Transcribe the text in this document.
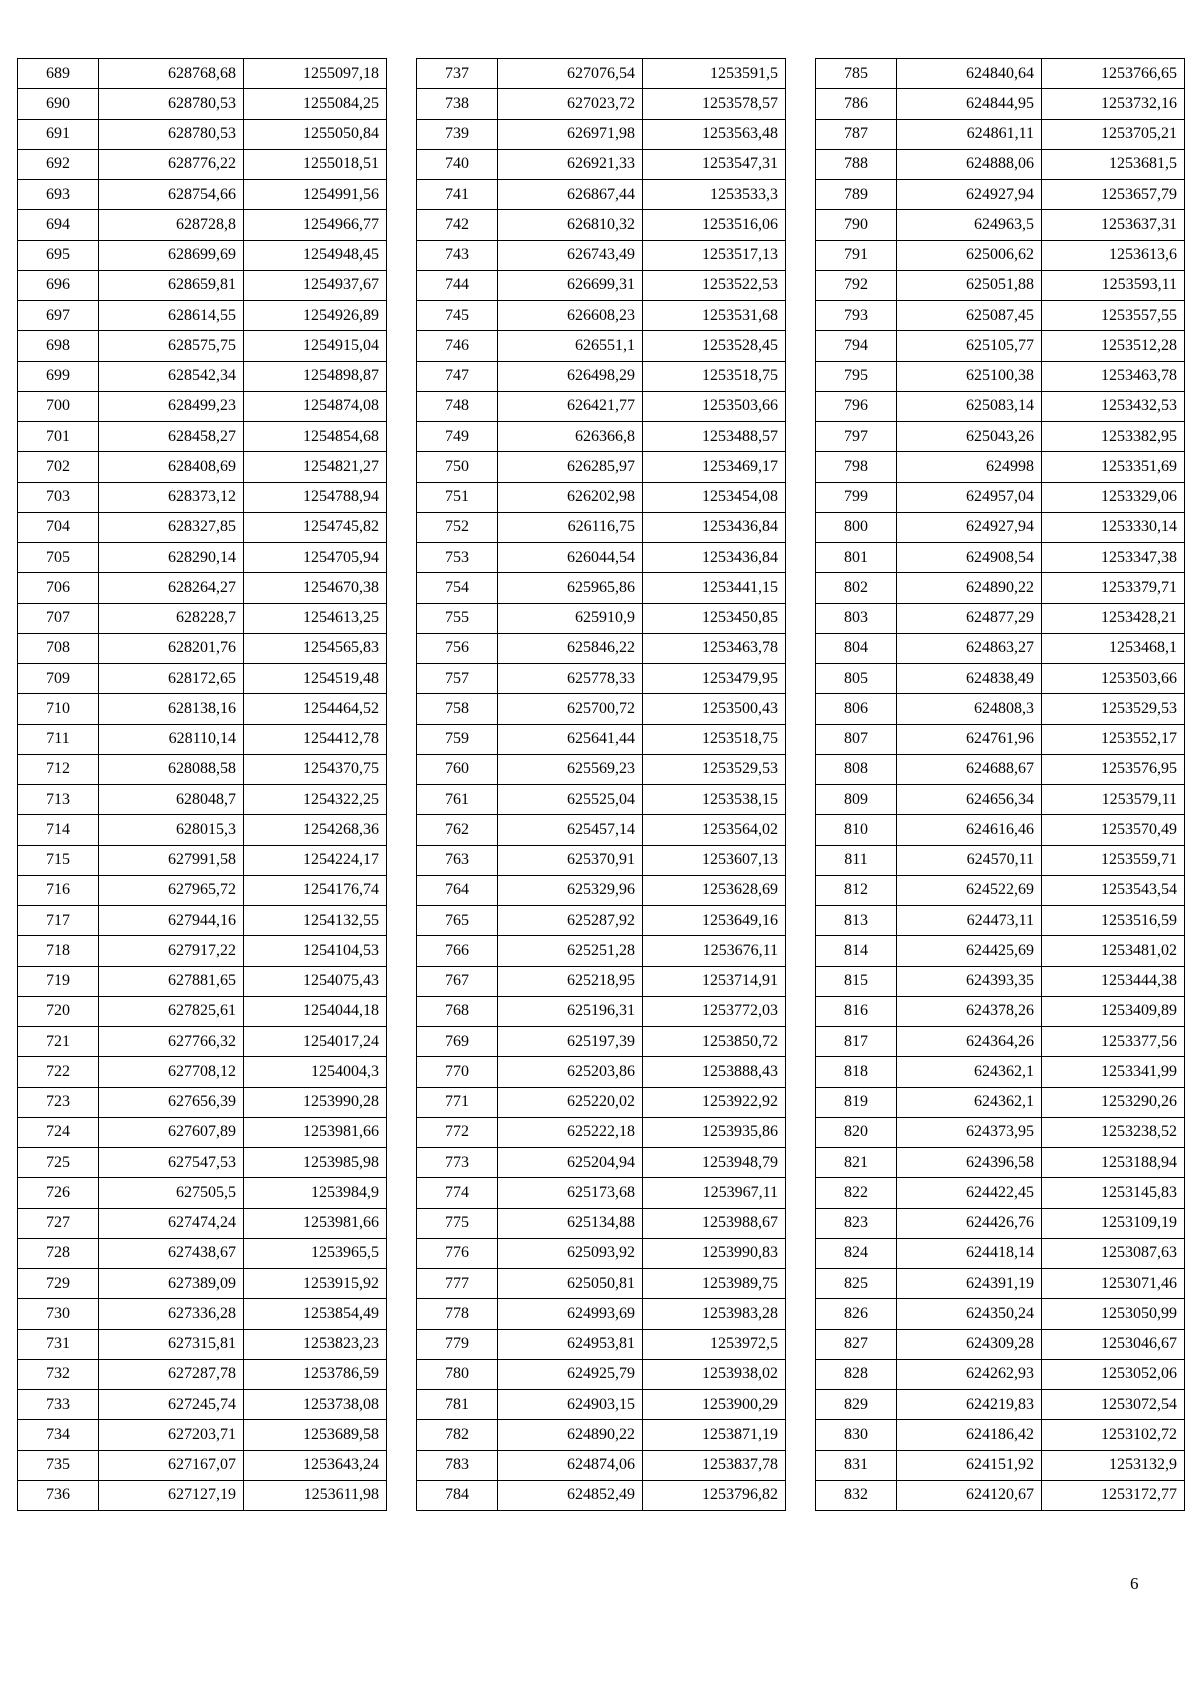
689	628768,68	1255097,18
690	628780,53	1255084,25
691	628780,53	1255050,84
692	628776,22	1255018,51
693	628754,66	1254991,56
694	628728,8	1254966,77
695	628699,69	1254948,45
696	628659,81	1254937,67
697	628614,55	1254926,89
698	628575,75	1254915,04
699	628542,34	1254898,87
700	628499,23	1254874,08
701	628458,27	1254854,68
702	628408,69	1254821,27
703	628373,12	1254788,94
704	628327,85	1254745,82
705	628290,14	1254705,94
706	628264,27	1254670,38
707	628228,7	1254613,25
708	628201,76	1254565,83
709	628172,65	1254519,48
710	628138,16	1254464,52
711	628110,14	1254412,78
712	628088,58	1254370,75
713	628048,7	1254322,25
714	628015,3	1254268,36
715	627991,58	1254224,17
716	627965,72	1254176,74
717	627944,16	1254132,55
718	627917,22	1254104,53
719	627881,65	1254075,43
720	627825,61	1254044,18
721	627766,32	1254017,24
722	627708,12	1254004,3
723	627656,39	1253990,28
724	627607,89	1253981,66
725	627547,53	1253985,98
726	627505,5	1253984,9
727	627474,24	1253981,66
728	627438,67	1253965,5
729	627389,09	1253915,92
730	627336,28	1253854,49
731	627315,81	1253823,23
732	627287,78	1253786,59
733	627245,74	1253738,08
734	627203,71	1253689,58
735	627167,07	1253643,24
736	627127,19	1253611,98
737	627076,54	1253591,5
738	627023,72	1253578,57
739	626971,98	1253563,48
740	626921,33	1253547,31
741	626867,44	1253533,3
742	626810,32	1253516,06
743	626743,49	1253517,13
744	626699,31	1253522,53
745	626608,23	1253531,68
746	626551,1	1253528,45
747	626498,29	1253518,75
748	626421,77	1253503,66
749	626366,8	1253488,57
750	626285,97	1253469,17
751	626202,98	1253454,08
752	626116,75	1253436,84
753	626044,54	1253436,84
754	625965,86	1253441,15
755	625910,9	1253450,85
756	625846,22	1253463,78
757	625778,33	1253479,95
758	625700,72	1253500,43
759	625641,44	1253518,75
760	625569,23	1253529,53
761	625525,04	1253538,15
762	625457,14	1253564,02
763	625370,91	1253607,13
764	625329,96	1253628,69
765	625287,92	1253649,16
766	625251,28	1253676,11
767	625218,95	1253714,91
768	625196,31	1253772,03
769	625197,39	1253850,72
770	625203,86	1253888,43
771	625220,02	1253922,92
772	625222,18	1253935,86
773	625204,94	1253948,79
774	625173,68	1253967,11
775	625134,88	1253988,67
776	625093,92	1253990,83
777	625050,81	1253989,75
778	624993,69	1253983,28
779	624953,81	1253972,5
780	624925,79	1253938,02
781	624903,15	1253900,29
782	624890,22	1253871,19
783	624874,06	1253837,78
784	624852,49	1253796,82
785	624840,64	1253766,65
786	624844,95	1253732,16
787	624861,11	1253705,21
788	624888,06	1253681,5
789	624927,94	1253657,79
790	624963,5	1253637,31
791	625006,62	1253613,6
792	625051,88	1253593,11
793	625087,45	1253557,55
794	625105,77	1253512,28
795	625100,38	1253463,78
796	625083,14	1253432,53
797	625043,26	1253382,95
798	624998	1253351,69
799	624957,04	1253329,06
800	624927,94	1253330,14
801	624908,54	1253347,38
802	624890,22	1253379,71
803	624877,29	1253428,21
804	624863,27	1253468,1
805	624838,49	1253503,66
806	624808,3	1253529,53
807	624761,96	1253552,17
808	624688,67	1253576,95
809	624656,34	1253579,11
810	624616,46	1253570,49
811	624570,11	1253559,71
812	624522,69	1253543,54
813	624473,11	1253516,59
814	624425,69	1253481,02
815	624393,35	1253444,38
816	624378,26	1253409,89
817	624364,26	1253377,56
818	624362,1	1253341,99
819	624362,1	1253290,26
820	624373,95	1253238,52
821	624396,58	1253188,94
822	624422,45	1253145,83
823	624426,76	1253109,19
824	624418,14	1253087,63
825	624391,19	1253071,46
826	624350,24	1253050,99
827	624309,28	1253046,67
828	624262,93	1253052,06
829	624219,83	1253072,54
830	624186,42	1253102,72
831	624151,92	1253132,9
832	624120,67	1253172,77
6
